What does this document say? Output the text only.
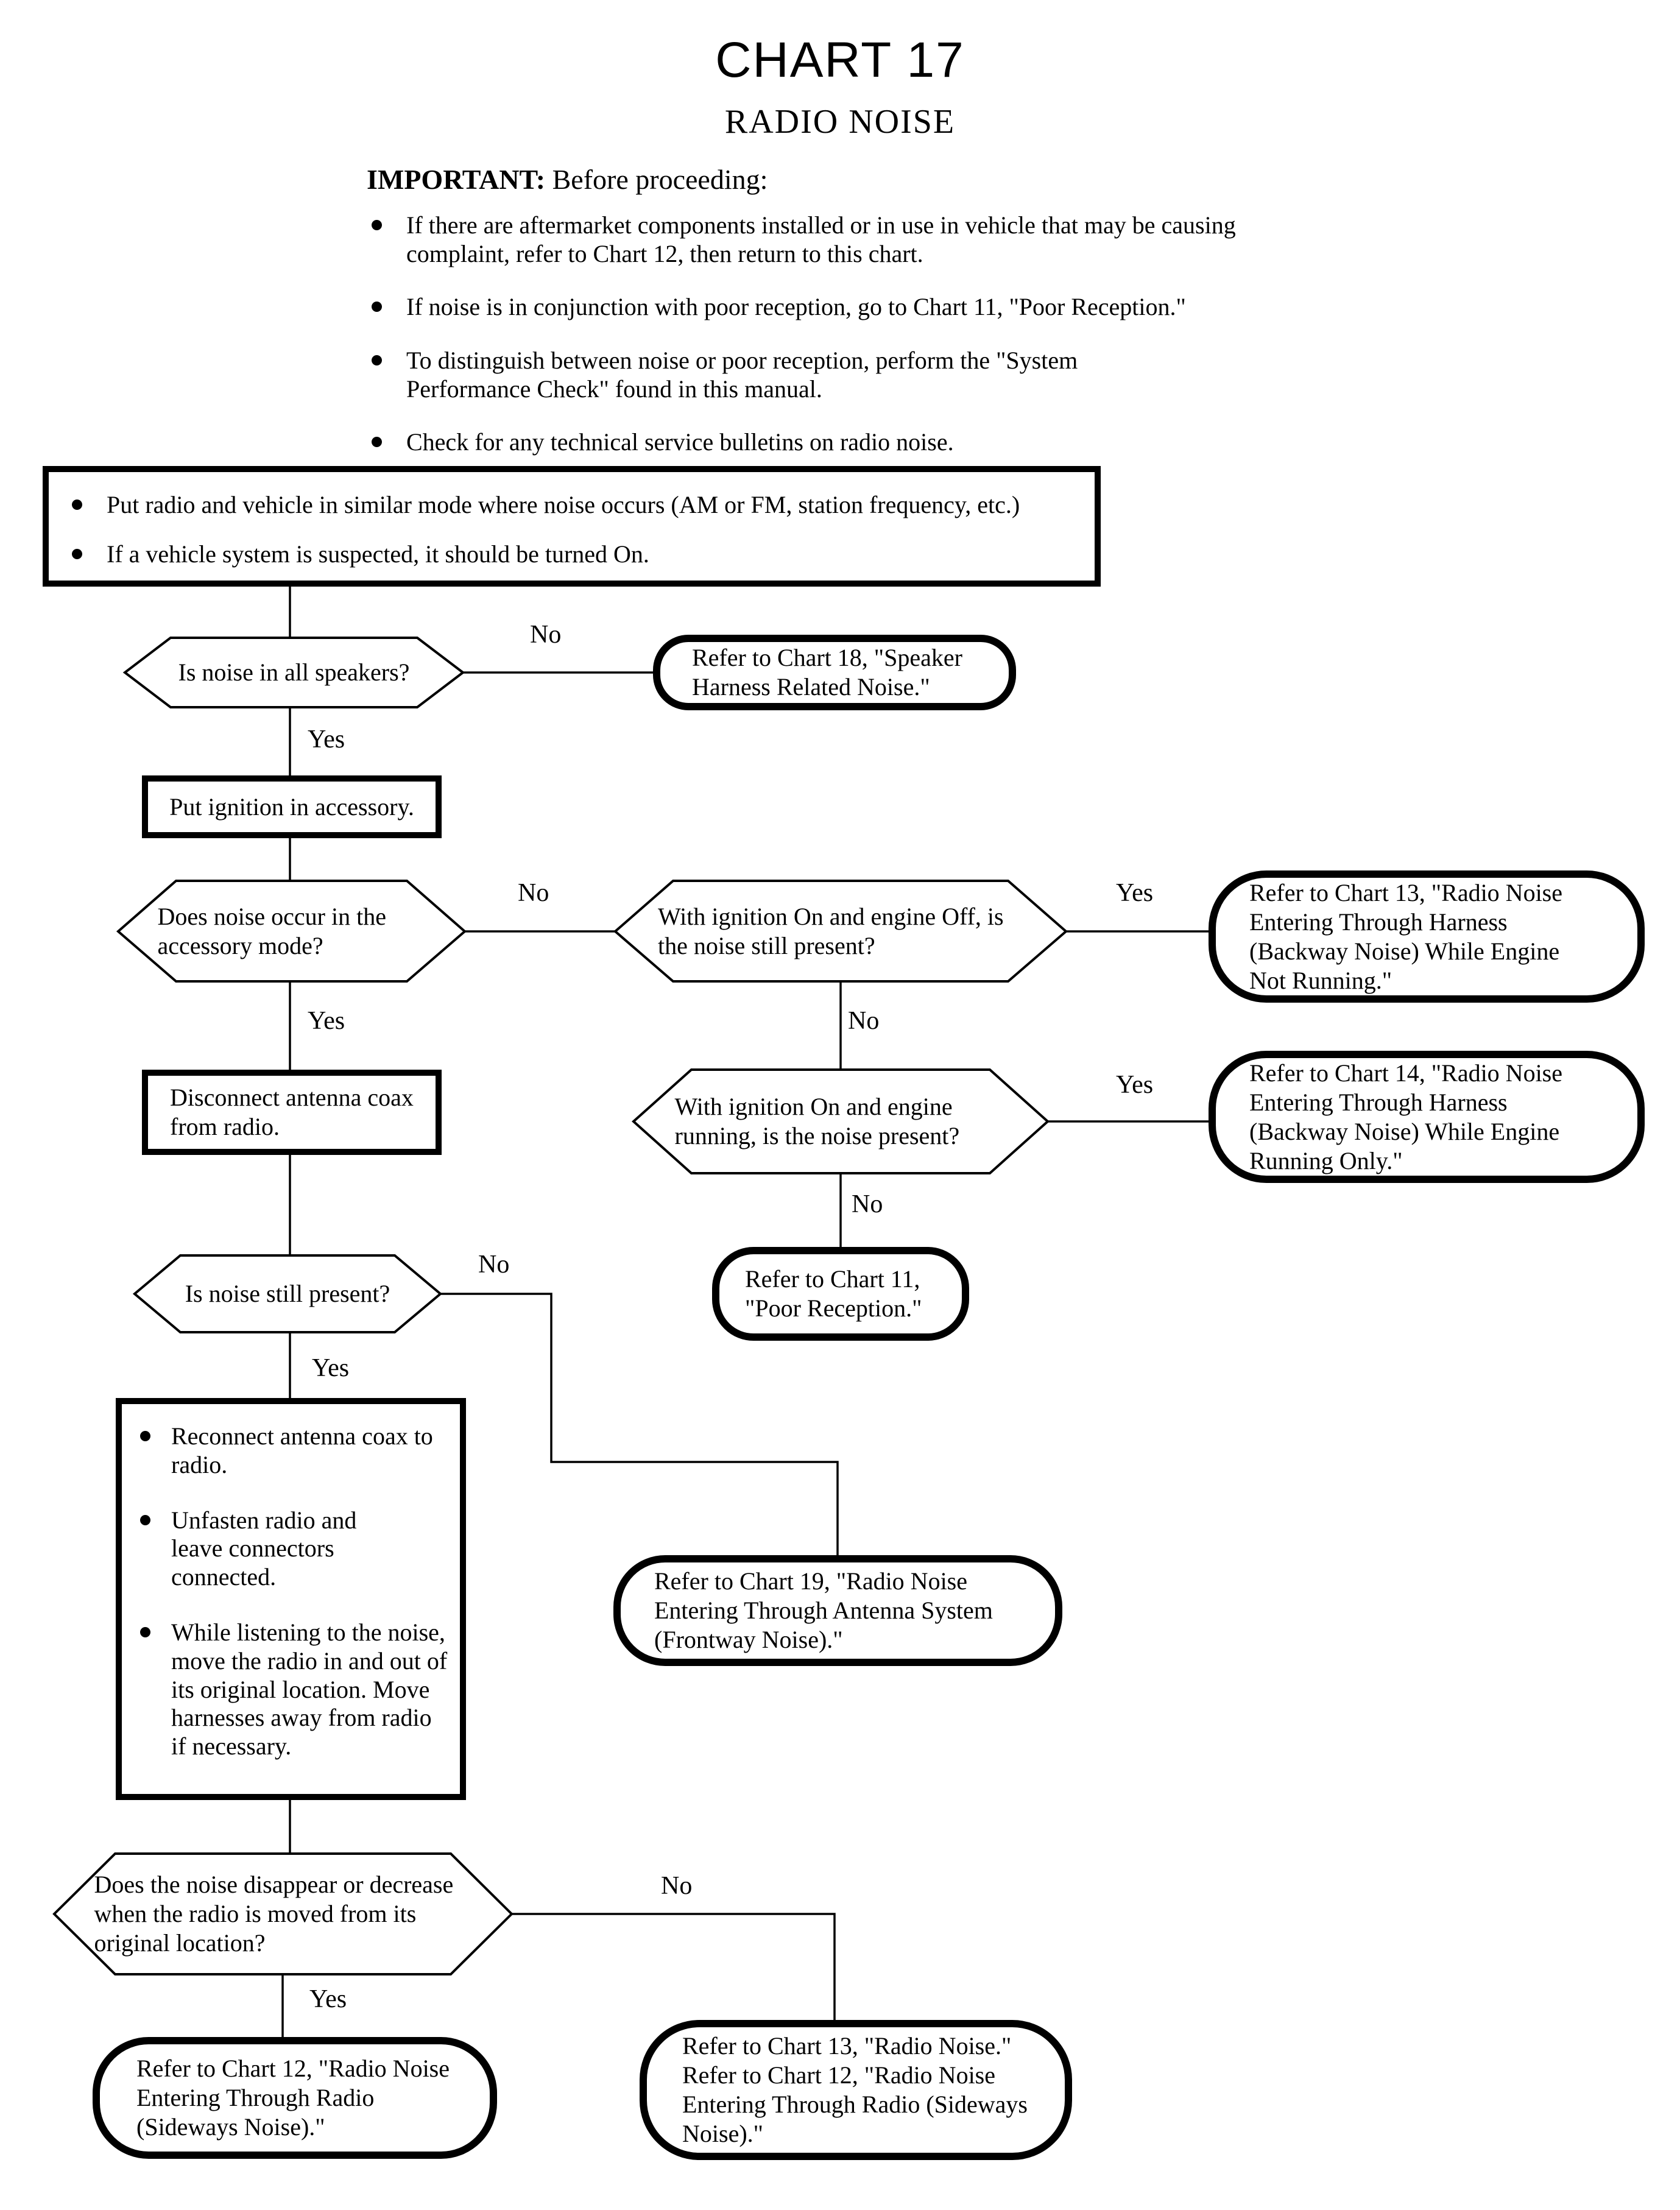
CHART 17
RADIO NOISE
IMPORTANT: Before proceeding:
If there are aftermarket components installed or in use in vehicle that may be causing complaint, refer to Chart 12, then return to this chart.
If noise is in conjunction with poor reception, go to Chart 11, "Poor Reception."
To distinguish between noise or poor reception, perform the "System Performance Check" found in this manual.
Check for any technical service bulletins on radio noise.
Put radio and vehicle in similar mode where noise occurs (AM or FM, station frequency, etc.)
If a vehicle system is suspected, it should be turned On.
Is noise in all speakers?
Does noise occur in the accessory mode?
With ignition On and engine Off, is the noise still present?
With ignition On and engine running, is the noise present?
Is noise still present?
Does the noise disappear or decrease when the radio is moved from its original location?
Put ignition in accessory.
Disconnect antenna coax from radio.
Reconnect antenna coax to radio.
Unfasten radio and leave connectors connected.
While listening to the noise, move the radio in and out of its original location. Move harnesses away from radio if necessary.
Refer to Chart 18, "Speaker Harness Related Noise."
Refer to Chart 13, "Radio Noise Entering Through Harness (Backway Noise) While Engine Not Running."
Refer to Chart 14, "Radio Noise Entering Through Harness (Backway Noise) While Engine Running Only."
Refer to Chart 11, "Poor Reception."
Refer to Chart 19, "Radio Noise Entering Through Antenna System (Frontway Noise)."
Refer to Chart 12, "Radio Noise Entering Through Radio (Sideways Noise)."
Refer to Chart 13, "Radio Noise."
Refer to Chart 12, "Radio Noise Entering Through Radio (Sideways Noise)."
No
Yes
No	Yes
Yes	No
Yes
No
No
Yes
No
Yes
